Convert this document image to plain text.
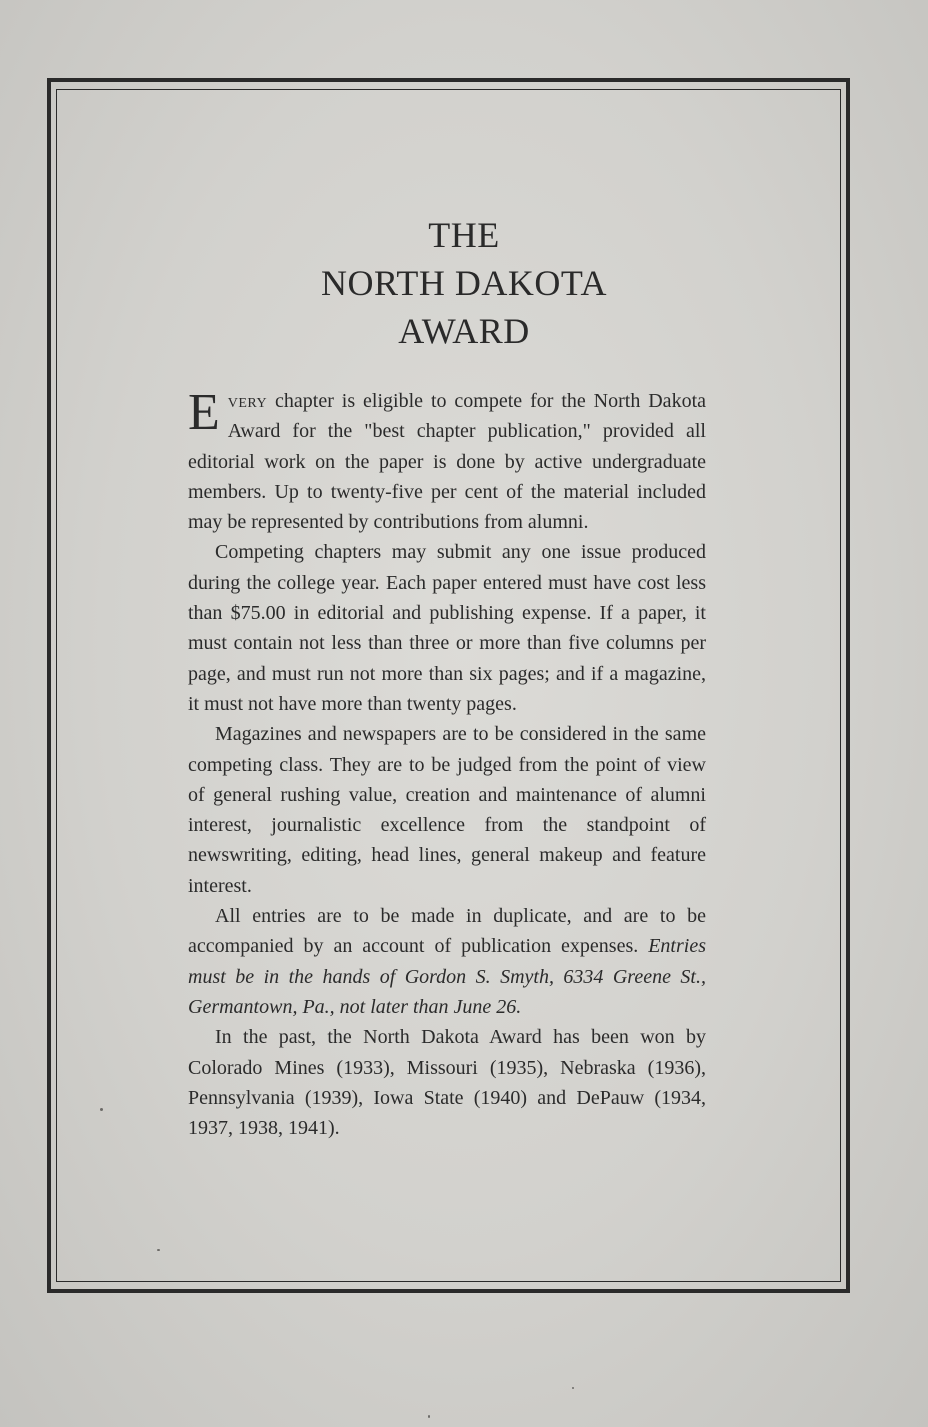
THE
NORTH DAKOTA
AWARD

Every chapter is eligible to compete for the North Dakota Award for the "best chapter publication," provided all editorial work on the paper is done by active undergraduate members. Up to twenty-five per cent of the material included may be represented by contributions from alumni.

Competing chapters may submit any one issue produced during the college year. Each paper entered must have cost less than $75.00 in editorial and publishing expense. If a paper, it must contain not less than three or more than five columns per page, and must run not more than six pages; and if a magazine, it must not have more than twenty pages.

Magazines and newspapers are to be considered in the same competing class. They are to be judged from the point of view of general rushing value, creation and maintenance of alumni interest, journalistic excellence from the standpoint of newswriting, editing, head lines, general makeup and feature interest.

All entries are to be made in duplicate, and are to be accompanied by an account of publication expenses. Entries must be in the hands of Gordon S. Smyth, 6334 Greene St., Germantown, Pa., not later than June 26.

In the past, the North Dakota Award has been won by Colorado Mines (1933), Missouri (1935), Nebraska (1936), Pennsylvania (1939), Iowa State (1940) and DePauw (1934, 1937, 1938, 1941).
